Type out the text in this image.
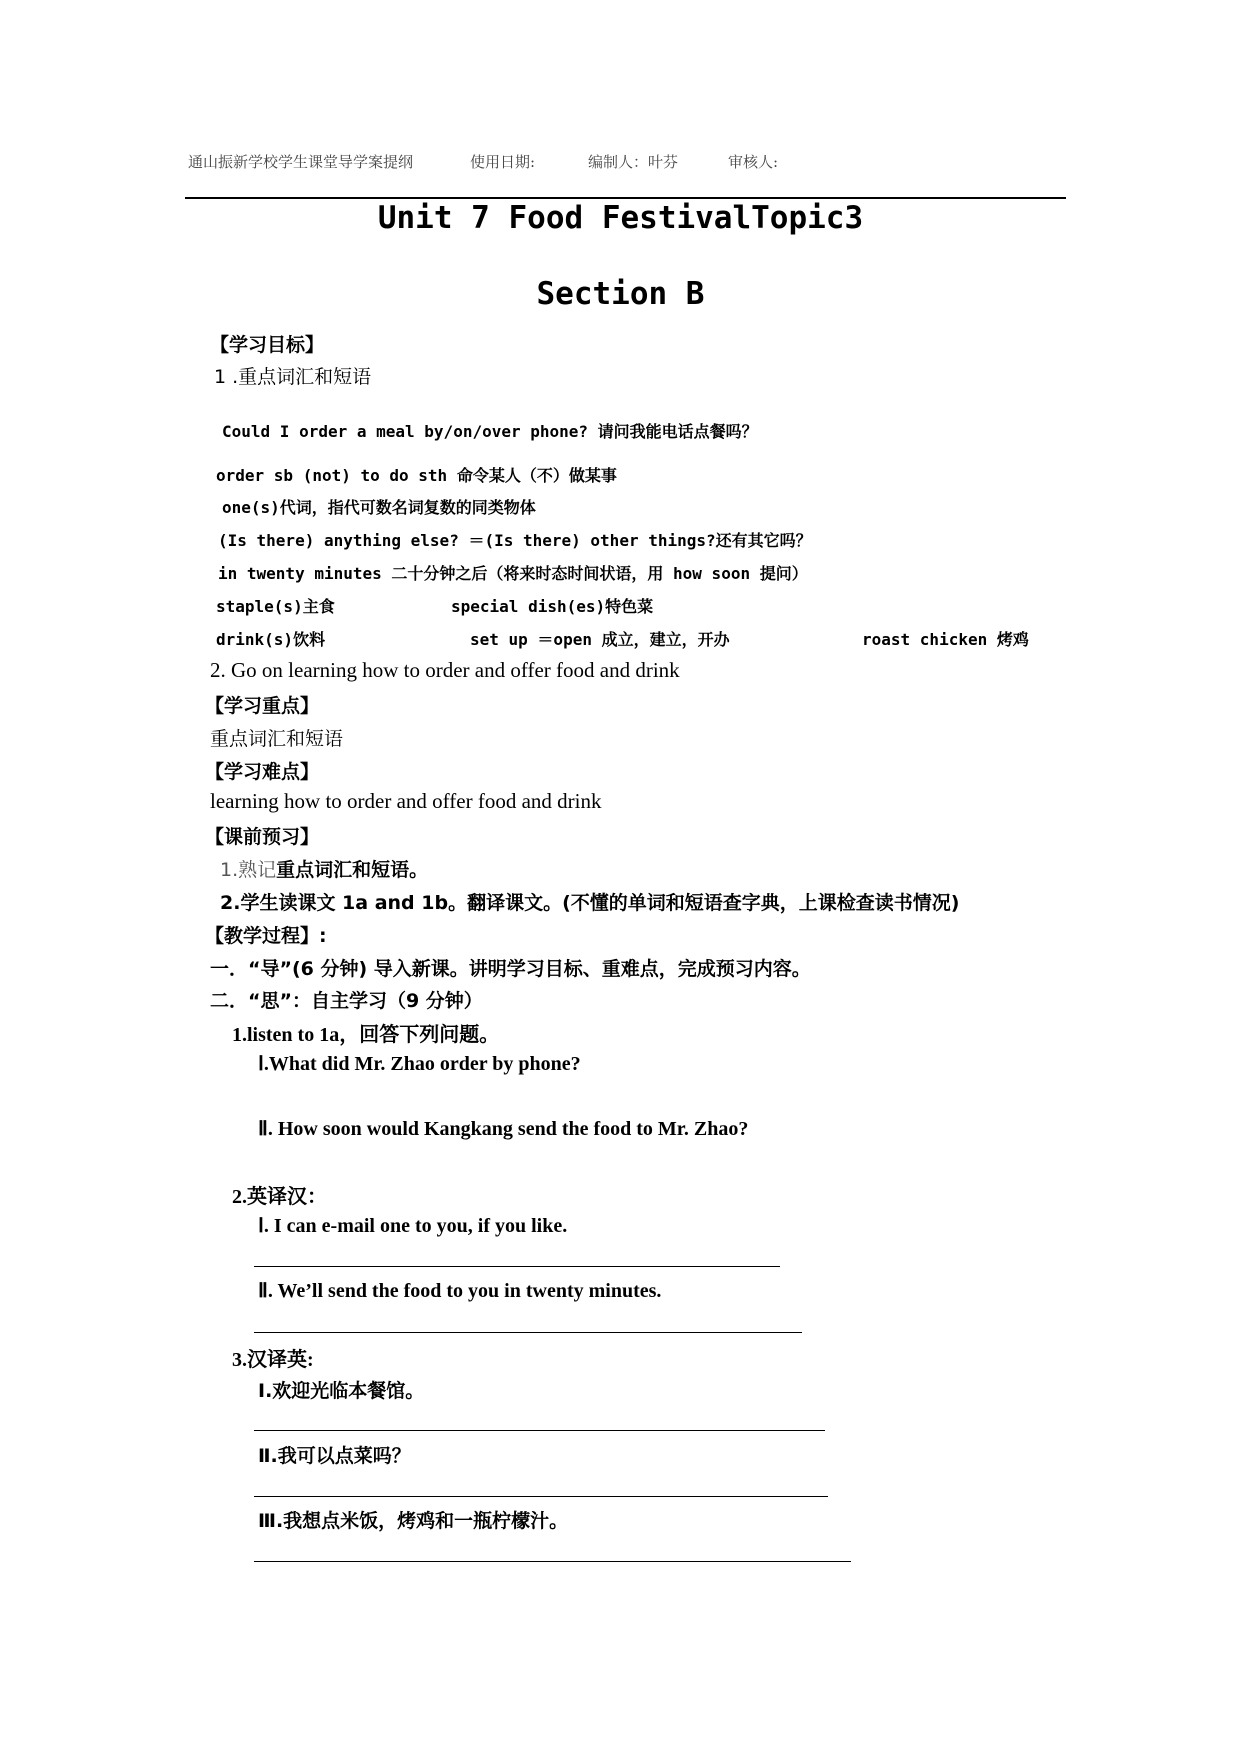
通山振新学校学生课堂导学案提纲	使用日期:	编制人：叶芬	审核人:
Unit 7 Food FestivalTopic3
Section B
【学习目标】
1 .重点词汇和短语
Could I order a meal by/on/over phone? 请问我能电话点餐吗？
order sb (not) to do sth 命令某人（不）做某事
one(s)代词，指代可数名词复数的同类物体
(Is there) anything else? ＝(Is there) other things?还有其它吗？
in twenty minutes 二十分钟之后（将来时态时间状语，用 how soon 提问）
staple(s)主食	special dish(es)特色菜
drink(s)饮料	set up ＝open 成立，建立，开办	roast chicken 烤鸡
2. Go on learning how to order and offer food and drink
【学习重点】
重点词汇和短语
【学习难点】
learning how to order and offer food and drink
【课前预习】
1.熟记重点词汇和短语。
2.学生读课文 1a and 1b。翻译课文。(不懂的单词和短语查字典，上课检查读书情况)
【教学过程】:
一．“导”(6 分钟) 导入新课。讲明学习目标、重难点，完成预习内容。
二．“思”：自主学习（9 分钟）
1.listen to 1a，回答下列问题。
Ⅰ.What did Mr. Zhao order by phone?
Ⅱ. How soon would Kangkang send the food to Mr. Zhao?
2.英译汉：
Ⅰ. I can e-mail one to you, if you like.
Ⅱ. We’ll send the food to you in twenty minutes.
3.汉译英:
Ⅰ.欢迎光临本餐馆。
Ⅱ.我可以点菜吗？
Ⅲ.我想点米饭，烤鸡和一瓶柠檬汁。
